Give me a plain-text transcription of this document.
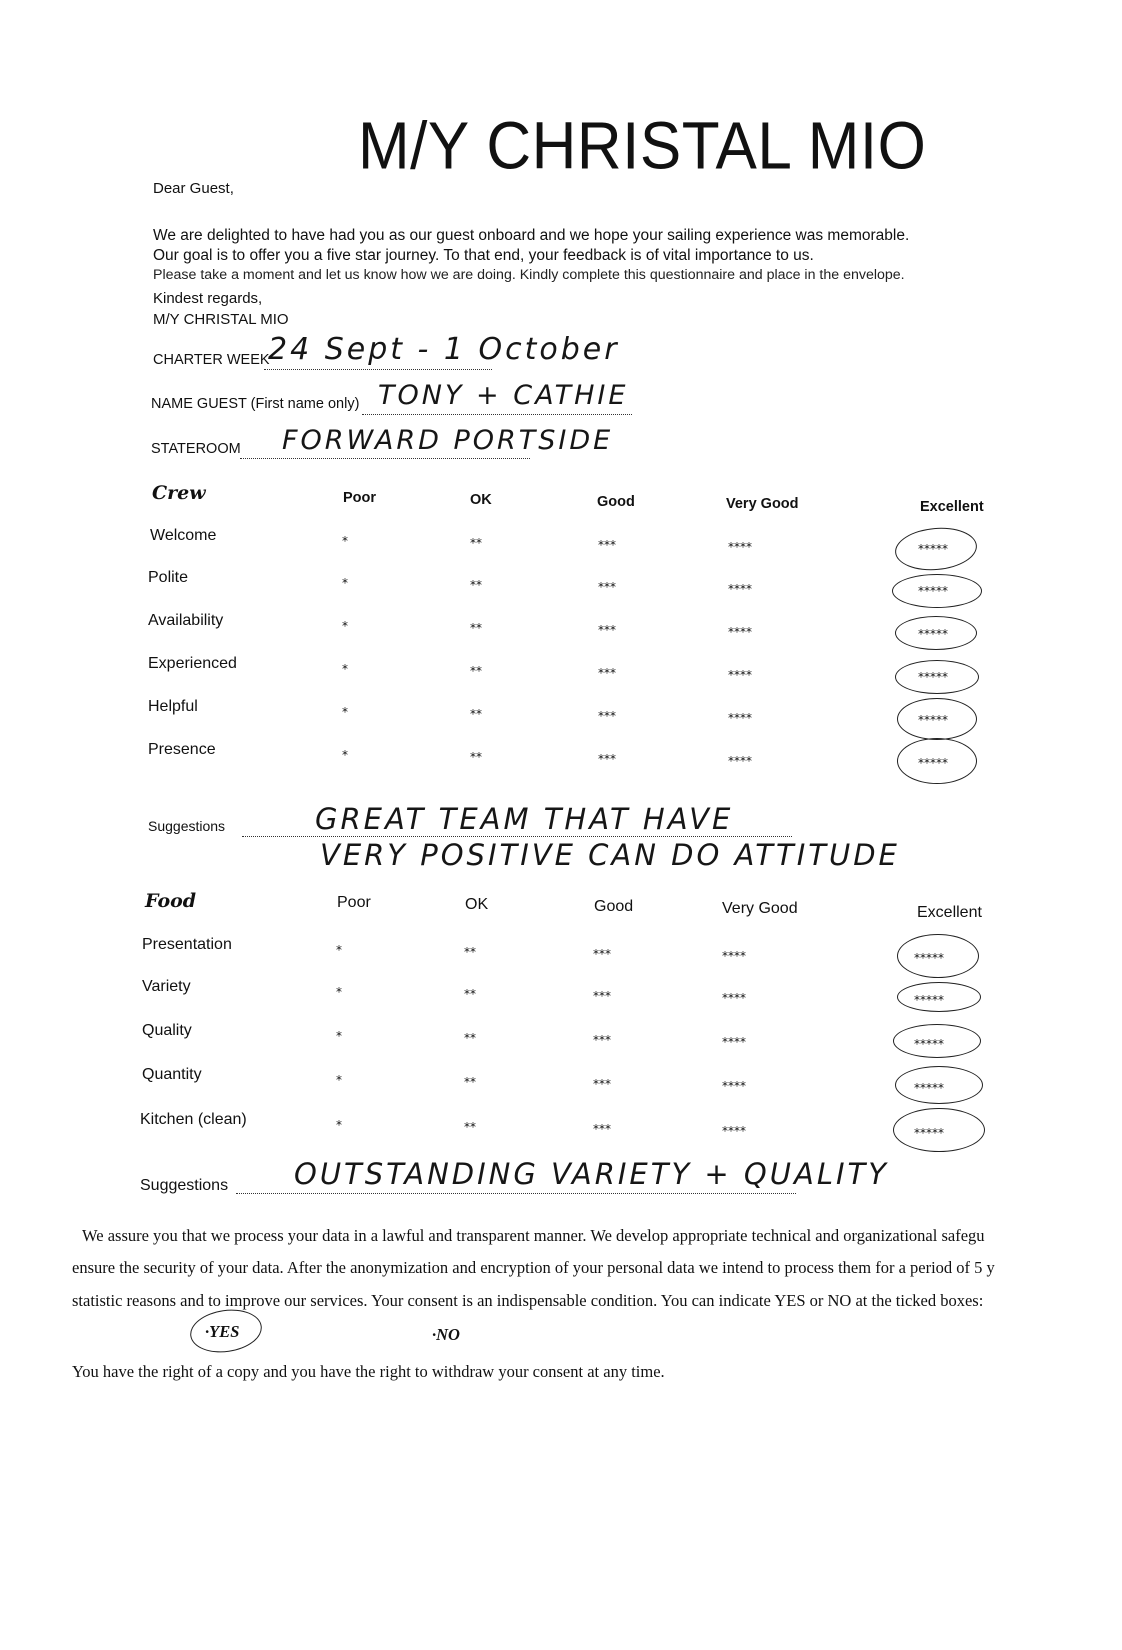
M/Y CHRISTAL MIO
Dear Guest,
We are delighted to have had you as our guest onboard and we hope your sailing experience was memorable.
Our goal is to offer you a five star journey. To that end, your feedback is of vital importance to us.
Please take a moment and let us know how we are doing. Kindly complete this questionnaire and place in the envelope.
Kindest regards,
M/Y CHRISTAL MIO
CHARTER WEEK
24 Sept - 1 October
NAME GUEST (First name only) TONY + CATHIE
STATEROOM FORWARD PORTSIDE
Crew	Poor	OK	Good	Very Good	Excellent
Welcome	*	**	***	****	*****
Polite	*	**	***	****	*****
Availability	*	**	***	****	*****
Experienced	*	**	***	****	*****
Helpful	*	**	***	****	*****
Presence	*	**	***	****	*****
Suggestions	GREAT TEAM THAT HAVE
VERY POSITIVE CAN DO ATTITUDE
Food	Poor	OK	Good	Very Good	Excellent
Presentation	*	**	***	****	*****
Variety	*	**	***	****	*****
Quality	*	**	***	****	*****
Quantity	*	**	***	****	*****
Kitchen (clean)	*	**	***	****	*****
Suggestions OUTSTANDING VARIETY + QUALITY
We assure you that we process your data in a lawful and transparent manner. We develop appropriate technical and organizational safegu
ensure the security of your data. After the anonymization and encryption of your personal data we intend to process them for a period of 5 y
statistic reasons and to improve our services. Your consent is an indispensable condition. You can indicate YES or NO at the ticked boxes:
·YES	·NO
You have the right of a copy and you have the right to withdraw your consent at any time.
